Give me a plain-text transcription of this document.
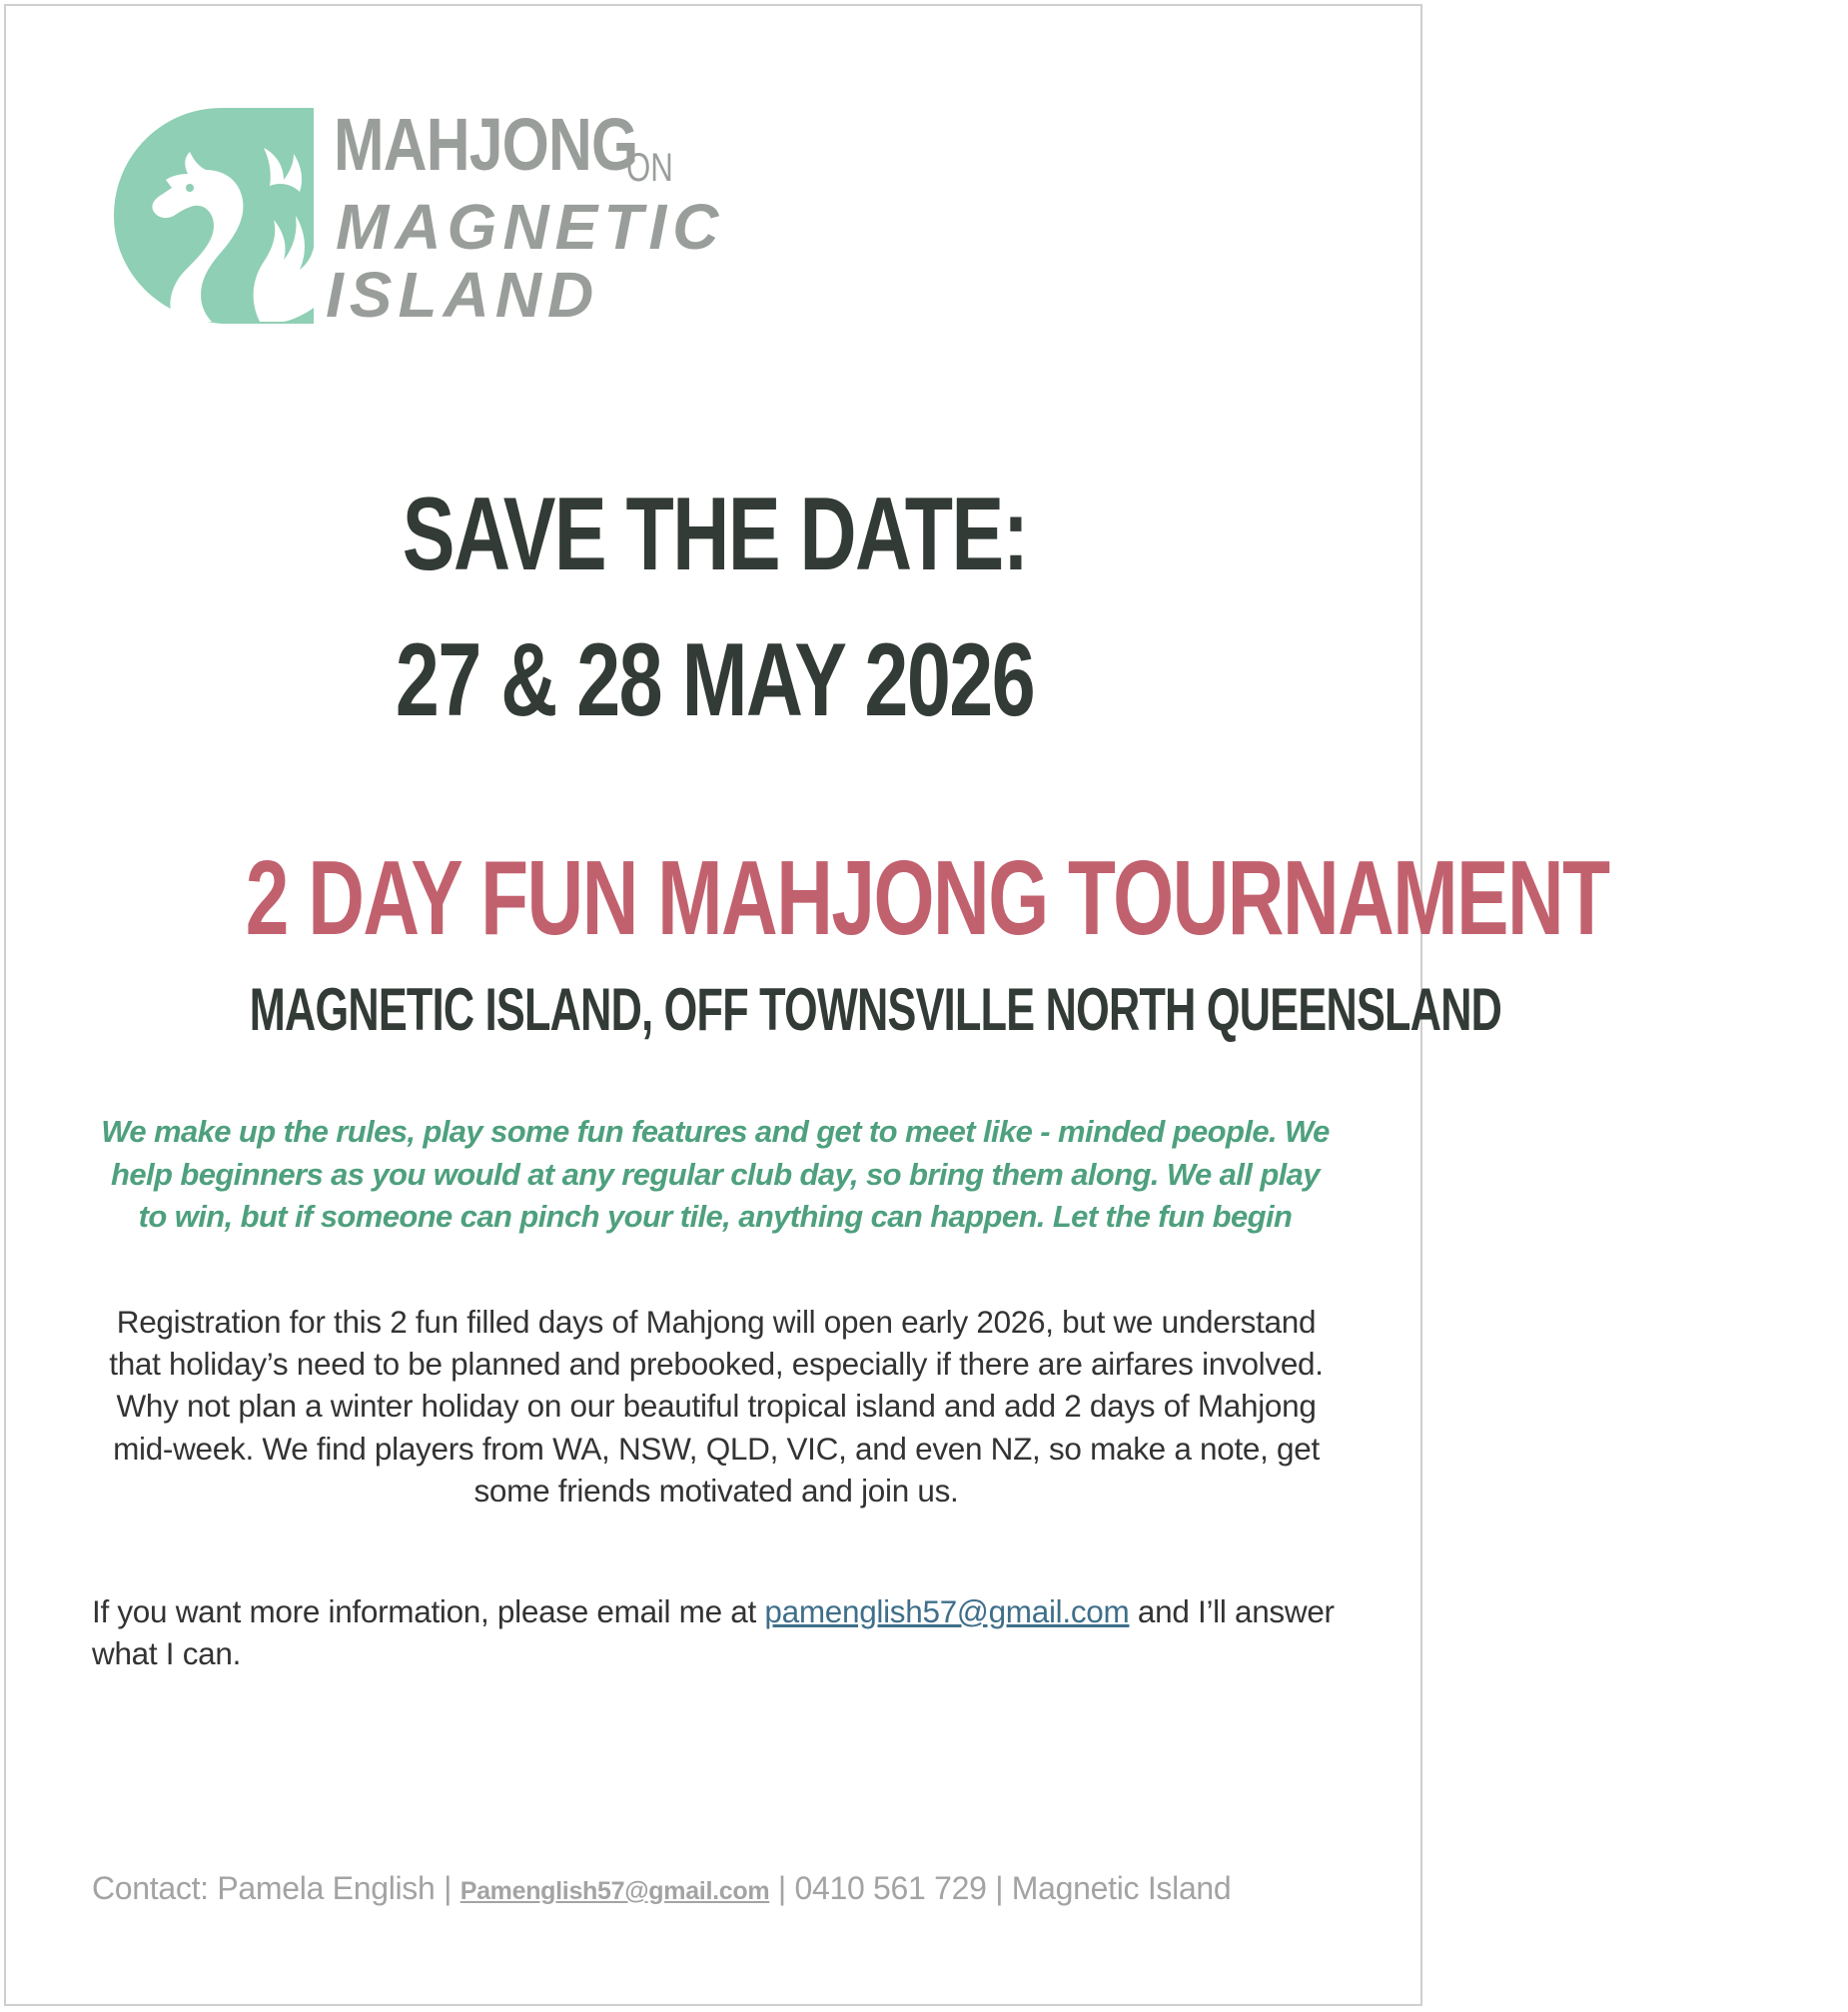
MAHJONG
ON
MAGNETIC
ISLAND
SAVE THE DATE:
27 & 28 MAY 2026
2 DAY FUN MAHJONG TOURNAMENT
MAGNETIC ISLAND, OFF TOWNSVILLE NORTH QUEENSLAND
We make up the rules, play some fun features and get to meet like - minded people. We help beginners as you would at any regular club day, so bring them along. We all play to win, but if someone can pinch your tile, anything can happen. Let the fun begin
Registration for this 2 fun filled days of Mahjong will open early 2026, but we understand that holiday’s need to be planned and prebooked, especially if there are airfares involved. Why not plan a winter holiday on our beautiful tropical island and add 2 days of Mahjong mid-week. We find players from WA, NSW, QLD, VIC, and even NZ, so make a note, get some friends motivated and join us.
If you want more information, please email me at pamenglish57@gmail.com and I’ll answer what I can.
Contact: Pamela English | Pamenglish57@gmail.com | 0410 561 729 | Magnetic Island
